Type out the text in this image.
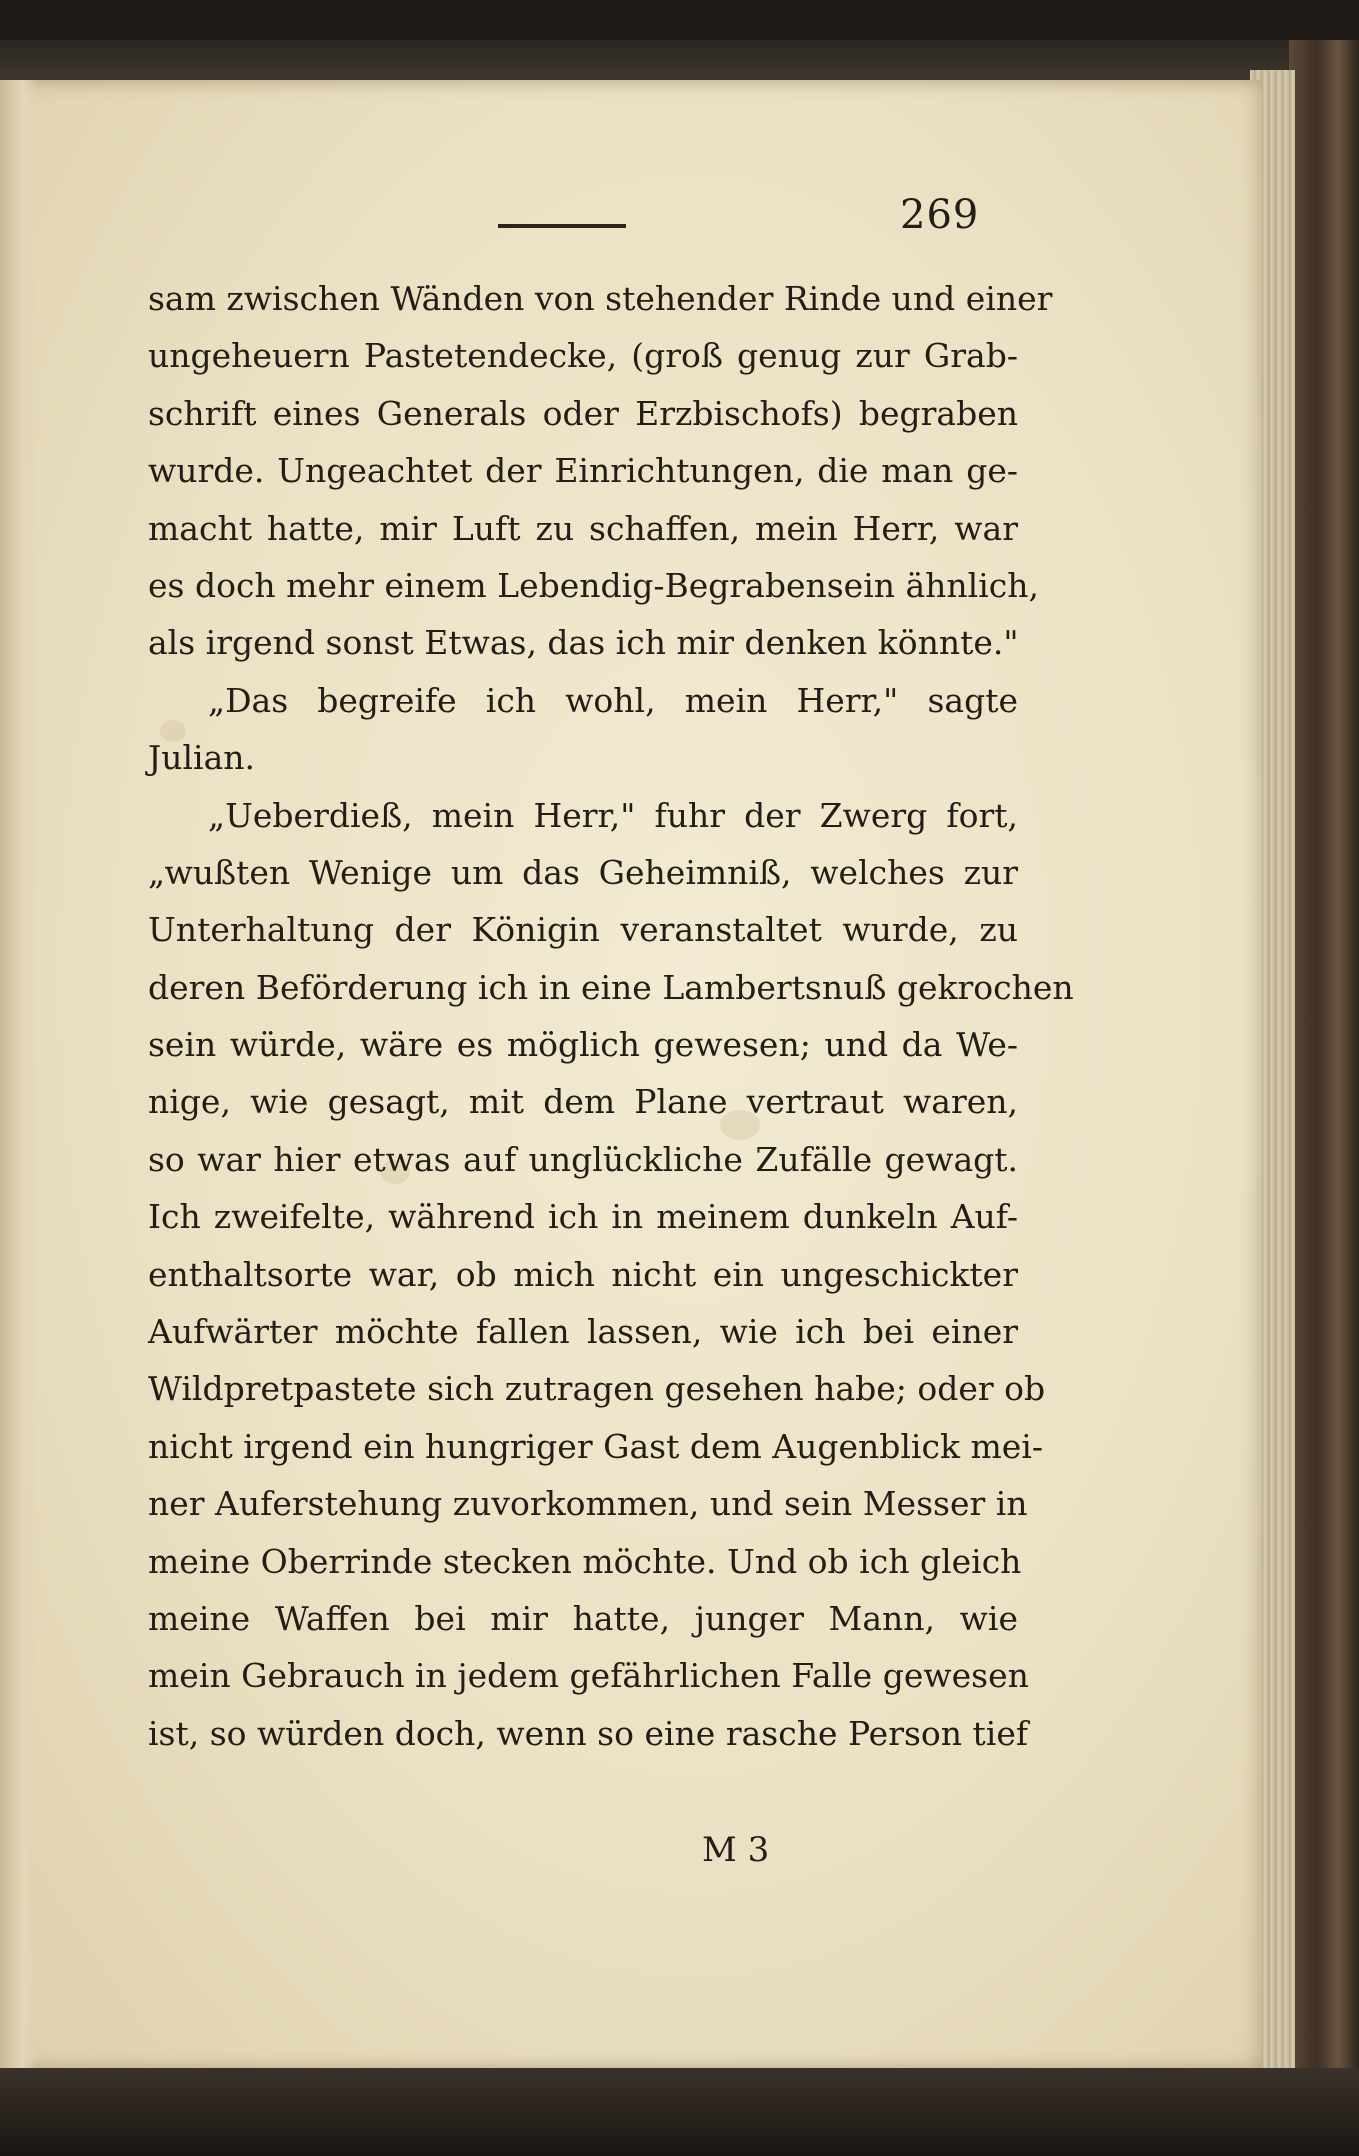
269
sam zwischen Wänden von stehender Rinde und einer
ungeheuern Pastetendecke, (groß genug zur Grab-
schrift eines Generals oder Erzbischofs) begraben
wurde. Ungeachtet der Einrichtungen, die man ge-
macht hatte, mir Luft zu schaffen, mein Herr, war
es doch mehr einem Lebendig-Begrabensein ähnlich,
als irgend sonst Etwas, das ich mir denken könnte."
„Das begreife ich wohl, mein Herr," sagte
Julian.
„Ueberdieß, mein Herr," fuhr der Zwerg fort,
„wußten Wenige um das Geheimniß, welches zur
Unterhaltung der Königin veranstaltet wurde, zu
deren Beförderung ich in eine Lambertsnuß gekrochen
sein würde, wäre es möglich gewesen; und da We-
nige, wie gesagt, mit dem Plane vertraut waren,
so war hier etwas auf unglückliche Zufälle gewagt.
Ich zweifelte, während ich in meinem dunkeln Auf-
enthaltsorte war, ob mich nicht ein ungeschickter
Aufwärter möchte fallen lassen, wie ich bei einer
Wildpretpastete sich zutragen gesehen habe; oder ob
nicht irgend ein hungriger Gast dem Augenblick mei-
ner Auferstehung zuvorkommen, und sein Messer in
meine Oberrinde stecken möchte. Und ob ich gleich
meine Waffen bei mir hatte, junger Mann, wie
mein Gebrauch in jedem gefährlichen Falle gewesen
ist, so würden doch, wenn so eine rasche Person tief
M 3
